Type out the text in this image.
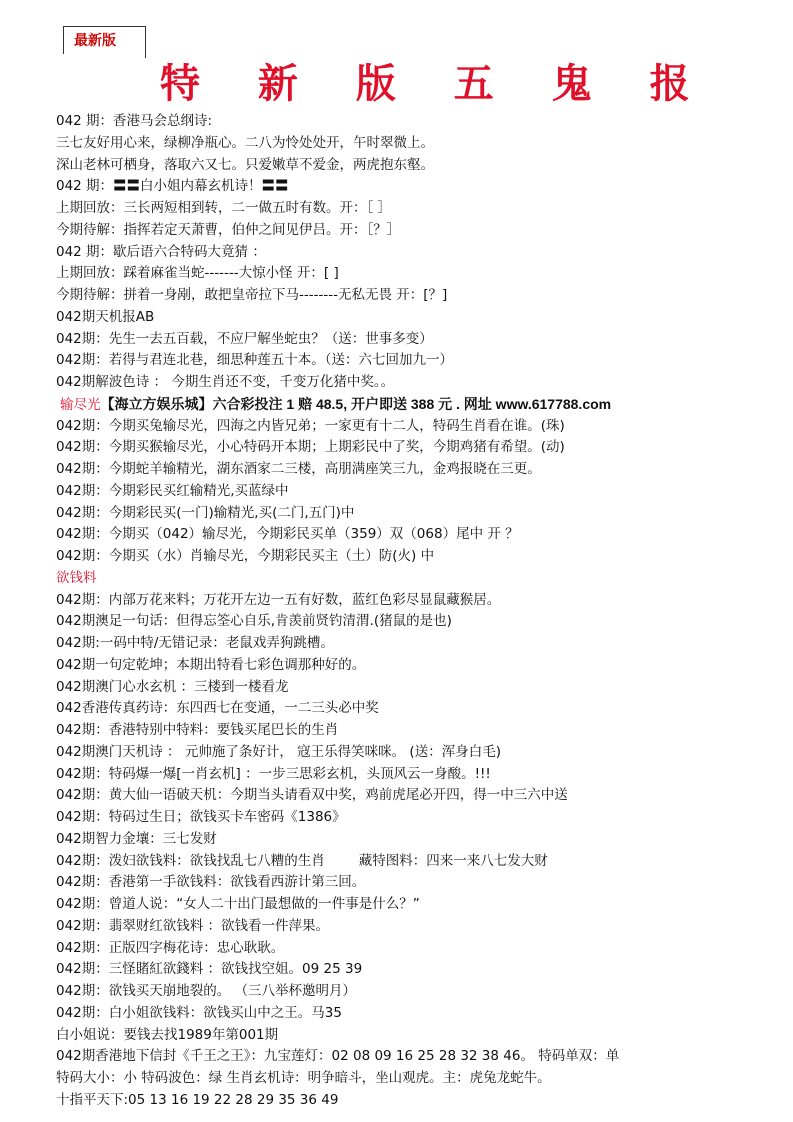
最新版
特 新 版 五 鬼 报
042 期：香港马会总纲诗:
三七友好用心来，绿柳净瓶心。二八为怜处处开，午时翠微上。
深山老林可栖身，落取六又七。只爱嫩草不爱金，两虎抱东壑。
042 期：〓〓白小姐内幕玄机诗！〓〓
上期回放：三长两短相到转，二一做五时有数。开：［ ］
今期待解：指挥若定天萧曹，伯仲之间见伊吕。开：［？］
042 期：歇后语六合特码大竟猜 ：
上期回放：踩着麻雀当蛇-------大惊小怪 开：[ ]
今期待解：拼着一身剐，敢把皇帝拉下马--------无私无畏 开：[？]
042期天机报AB
042期：先生一去五百载，不应尸解坐蛇虫？（送：世事多变）
042期：若得与君连北巷，细思种莲五十本。（送：六七回加九一）
042期解波色诗 ： 今期生肖还不变，千变万化猪中奖。。
输尽光【海立方娱乐城】六合彩投注 1 赔 48.5, 开户即送 388 元 . 网址 www.617788.com
042期：今期买兔输尽光，四海之内皆兄弟；一家更有十二人，特码生肖看在谁。(珠)
042期：今期买猴输尽光，小心特码开本期；上期彩民中了奖，今期鸡猪有希望。(动)
042期：今期蛇羊输精光，湖东酒家二三楼，高朋满座笑三九，金鸡报晓在三更。
042期：今期彩民买红输精光,买蓝绿中
042期：今期彩民买(一门)输精光,买(二门,五门)中
042期：今期买（042）输尽光，今期彩民买单（359）双（068）尾中 开 ？
042期：今期买（水）肖输尽光，今期彩民买主（土）防(火) 中
欲钱料
042期：内部万花来料；万花开左边一五有好数，蓝红色彩尽显鼠藏猴居。
042期澳足一句话：但得忘筌心自乐,肯羡前贤钓清渭.(猪鼠的是也)
042期:一码中特/无错记录：老鼠戏弄狗跳槽。
042期一句定乾坤；本期出特看七彩色调那种好的。
042期澳门心水玄机 ：三楼到一楼看龙
042香港传真药诗：东四西七在变通，一二三头必中奖
042期：香港特别中特料：要钱买尾巴长的生肖
042期澳门天机诗 ： 元帅施了条好计， 寇王乐得笑咪咪。 (送：浑身白毛)
042期：特码爆一爆[一肖玄机] ：一步三思彩玄机，头顶风云一身酸。!!!
042期：黄大仙一语破天机：今期当头请看双中奖，鸡前虎尾必开四，得一中三六中送
042期：特码过生日；欲钱买卡车密码《1386》
042期智力金壤：三七发财
042期：泼妇欲钱料：欲钱找乱七八糟的生肖	藏特图料：四来一来八七发大财
042期：香港第一手欲钱料：欲钱看西游计第三回。
042期：曾道人说：“女人二十出门最想做的一件事是什么？”
042期：翡翠财红欲钱料 ：欲钱看一件萍果。
042期：正版四字梅花诗：忠心耿耿。
042期：三怪賭紅欲錢料 ：欲钱找空姐。09 25 39
042期：欲钱买天崩地裂的。 （三八举杯邀明月）
042期：白小姐欲钱料：欲钱买山中之王。马35
白小姐说：要钱去找1989年第001期
042期香港地下信封《千王之王》：九宝莲灯：02 08 09 16 25 28 32 38 46。 特码单双：单
特码大小：小 特码波色：绿 生肖玄机诗：明争暗斗，坐山观虎。主：虎兔龙蛇牛。
十指平天下:05 13 16 19 22 28 29 35 36 49
